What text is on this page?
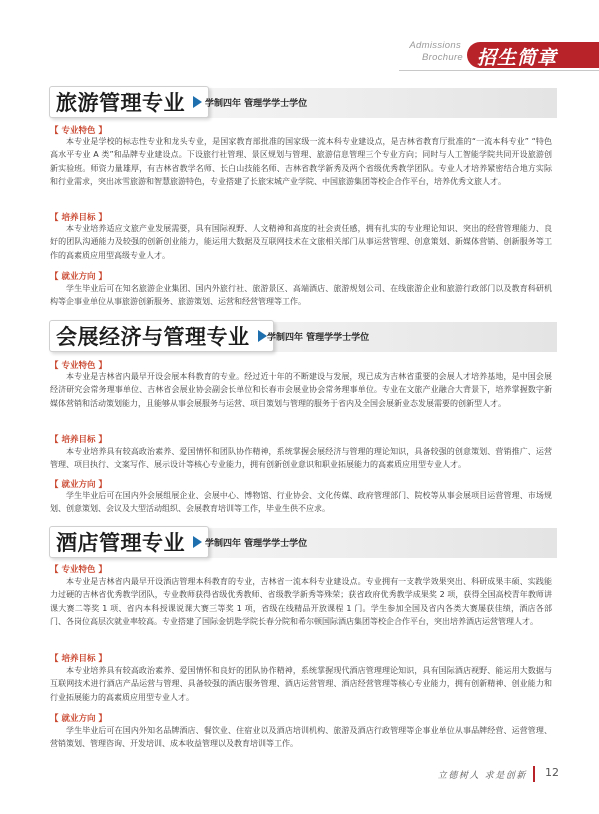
Admissions
Brochure 招生简章
旅游管理专业 学制四年 管理学学士学位
【 专业特色 】

本专业是学校的标志性专业和龙头专业，是国家教育部批准的国家级一流本科专业建设点，是吉林省教育厅批准的“一流本科专业” “特色高水平专业 A 类”和品牌专业建设点。下设旅行社管理、景区规划与管理、旅游信息管理三个专业方向；同时与人工智能学院共同开设旅游创新实验班。师资力量雄厚，有吉林省教学名师、长白山技能名师、吉林省教学新秀及两个省级优秀教学团队。专业人才培养紧密结合地方实际和行业需求，突出冰雪旅游和智慧旅游特色，专业搭建了长旅宋城产业学院、中国旅游集团等校企合作平台，培养优秀文旅人才。

【 培养目标 】

本专业培养适应文旅产业发展需要，具有国际视野、人文精神和高度的社会责任感，拥有扎实的专业理论知识、突出的经营管理能力、良好的团队沟通能力及较强的创新创业能力，能运用大数据及互联网技术在文旅相关部门从事运营管理、创意策划、新媒体营销、创新服务等工作的高素质应用型高级专业人才。

【 就业方向 】

学生毕业后可在知名旅游企业集团、国内外旅行社、旅游景区、高端酒店、旅游规划公司、在线旅游企业和旅游行政部门以及教育科研机构等企事业单位从事旅游创新服务、旅游策划、运营和经营管理等工作。

会展经济与管理专业 学制四年 管理学学士学位
【 专业特色 】

本专业是吉林省内最早开设会展本科教育的专业。经过近十年的不断建设与发展，现已成为吉林省重要的会展人才培养基地，是中国会展经济研究会常务理事单位、吉林省会展业协会副会长单位和长春市会展业协会常务理事单位。专业在文旅产业融合大背景下，培养掌握数字新媒体营销和活动策划能力，且能够从事会展服务与运营、项目策划与管理的服务于省内及全国会展新业态发展需要的创新型人才。

【 培养目标 】

本专业培养具有较高政治素养、爱国情怀和团队协作精神，系统掌握会展经济与管理的理论知识，具备较强的创意策划、营销推广、运营管理、项目执行、文案写作、展示设计等核心专业能力，拥有创新创业意识和职业拓展能力的高素质应用型专业人才。

【 就业方向 】

学生毕业后可在国内外会展组展企业、会展中心、博物馆、行业协会、文化传媒、政府管理部门、院校等从事会展项目运营管理、市场规划、创意策划、会议及大型活动组织、会展教育培训等工作，毕业生供不应求。

酒店管理专业 学制四年 管理学学士学位
【 专业特色 】

本专业是吉林省内最早开设酒店管理本科教育的专业，吉林省一流本科专业建设点。专业拥有一支教学效果突出、科研成果丰硕、实践能力过硬的吉林省优秀教学团队，专业教师获得省级优秀教师、省级教学新秀等殊荣；获省政府优秀教学成果奖 2 项，获得全国高校青年教师讲课大赛二等奖 1 项、省内本科授课说课大赛三等奖 1 项，省级在线精品开放课程 1 门。学生参加全国及省内各类大赛屡获佳绩，酒店各部门、各岗位高层次就业率较高。专业搭建了国际金钥匙学院长春分院和希尔顿国际酒店集团等校企合作平台，突出培养酒店运营管理人才。

【 培养目标 】

本专业培养具有较高政治素养、爱国情怀和良好的团队协作精神，系统掌握现代酒店管理理论知识，具有国际酒店视野、能运用大数据与互联网技术进行酒店产品运营与管理、具备较强的酒店服务管理、酒店运营管理、酒店经营管理等核心专业能力，拥有创新精神、创业能力和行业拓展能力的高素质应用型专业人才。

【 就业方向 】

学生毕业后可在国内外知名品牌酒店、餐饮业、住宿业以及酒店培训机构、旅游及酒店行政管理等企事业单位从事品牌经营、运营管理、营销策划、管理咨询、开发培训、成本收益管理以及教育培训等工作。

立德树人 求是创新 12
